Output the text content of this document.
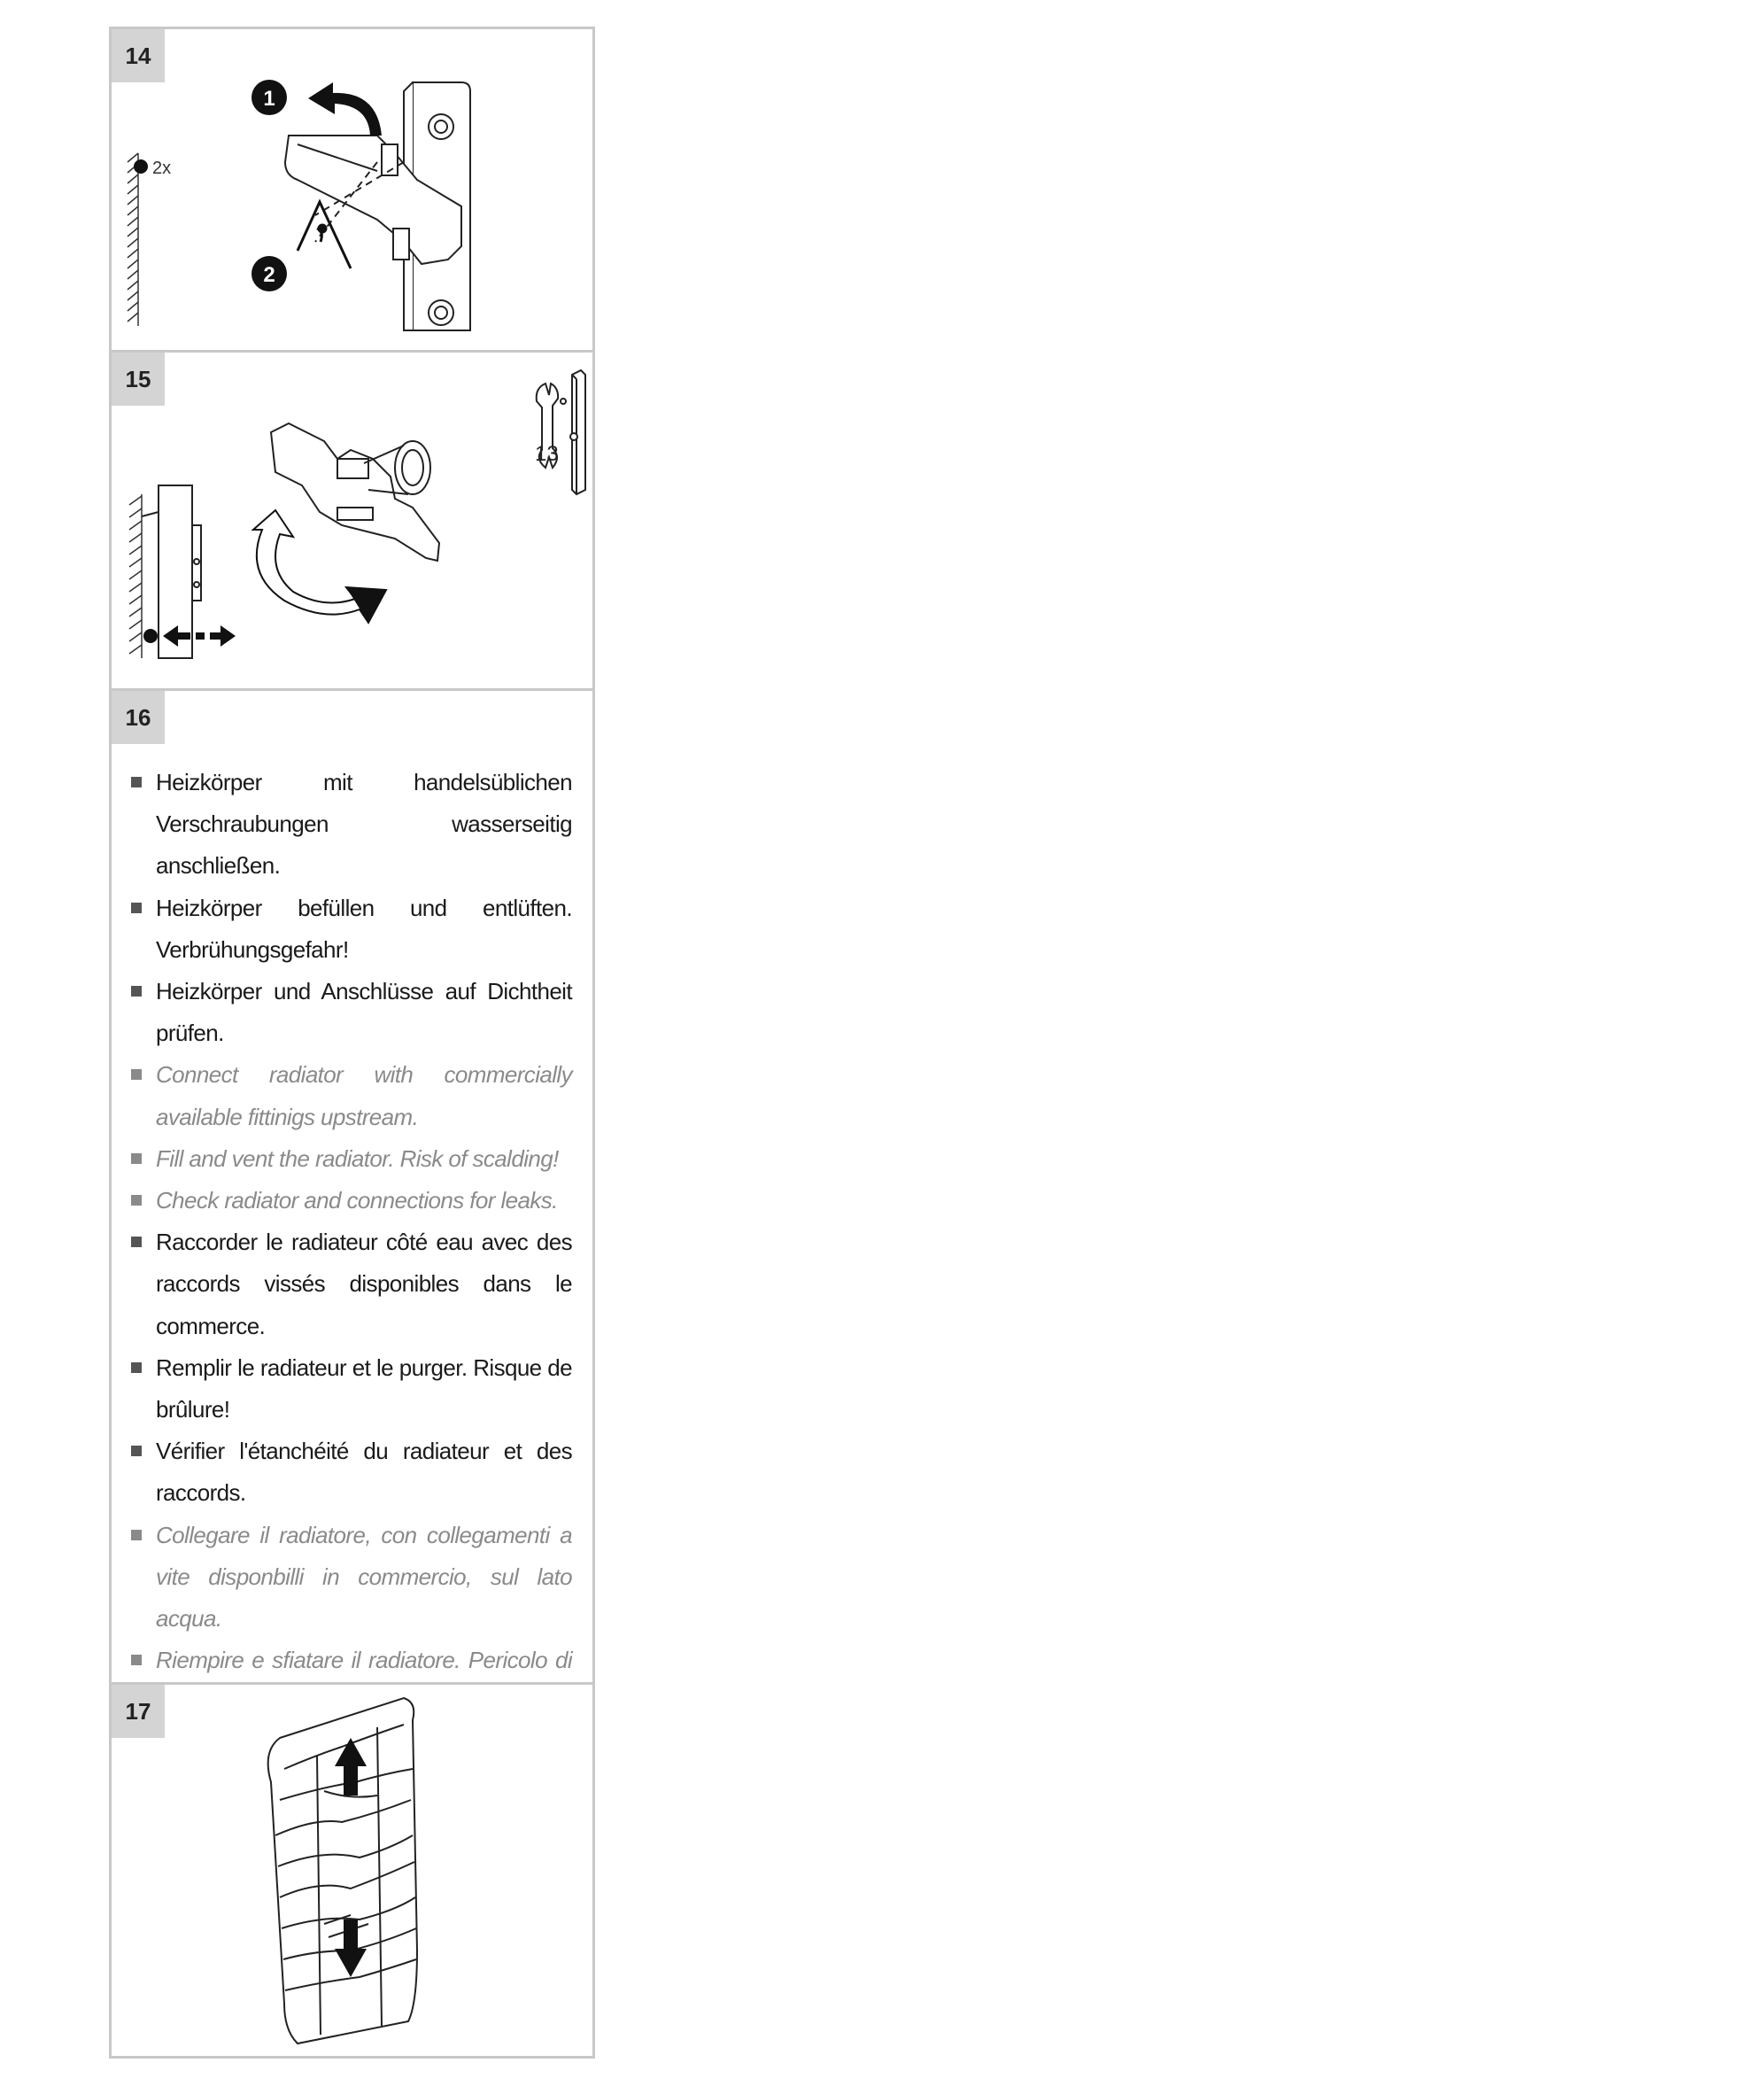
14
2x
1
2
15
13
16
Heizkörper mit handelsüblichen Verschraubungen wasserseitig anschließen.
Heizkörper befüllen und entlüften. Verbrühungsgefahr!
Heizkörper und Anschlüsse auf Dichtheit prüfen.
Connect radiator with commercially available fittinigs upstream.
Fill and vent the radiator. Risk of scalding!
Check radiator and connections for leaks.
Raccorder le radiateur côté eau avec des raccords vissés disponibles dans le commerce.
Remplir le radiateur et le purger. Risque de brûlure!
Vérifier l'étanchéité du radiateur et des raccords.
Collegare il radiatore, con collegamenti a vite disponbilli in commercio, sul lato acqua.
Riempire e sfiatare il radiatore. Pericolo di
17
